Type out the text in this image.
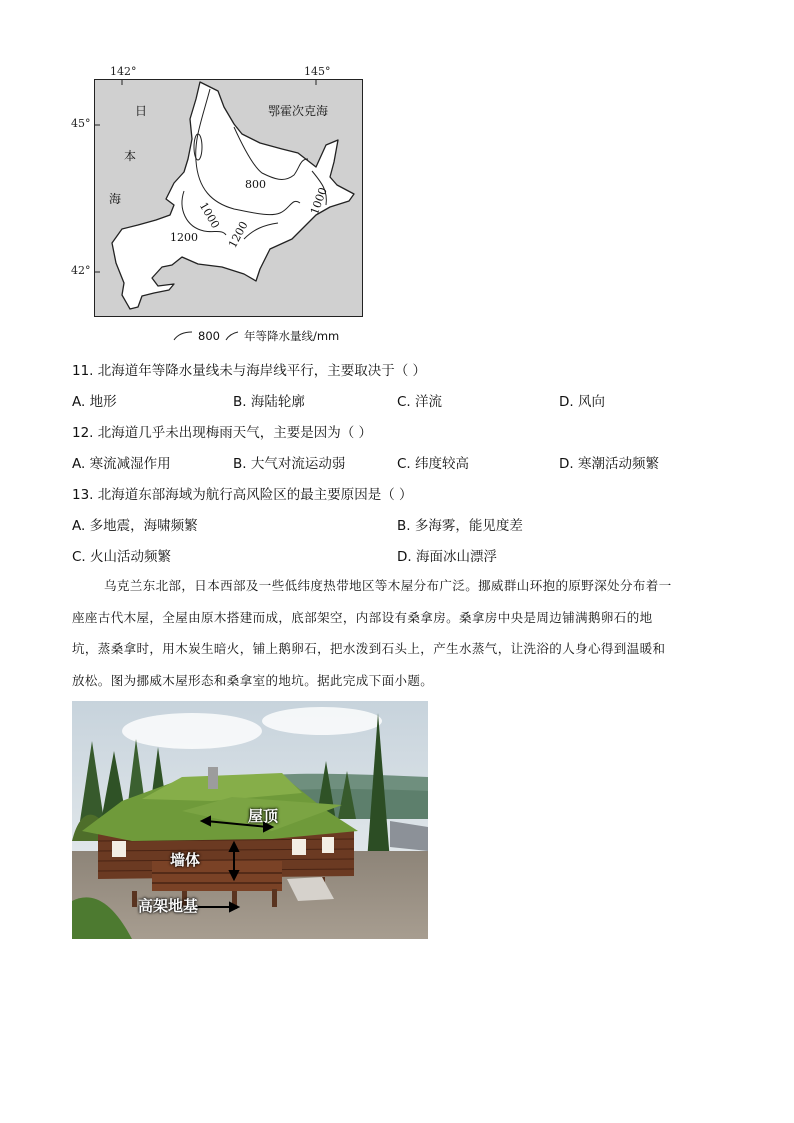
142°	145°
45°
42°
日
本
海
鄂霍次克海
800
1000	1000
1200	1200
800 年等降水量线/mm
11. 北海道年等降水量线未与海岸线平行，主要取决于（ ）
A. 地形	B. 海陆轮廓	C. 洋流	D. 风向
12. 北海道几乎未出现梅雨天气，主要是因为（ ）
A. 寒流减湿作用	B. 大气对流运动弱	C. 纬度较高	D. 寒潮活动频繁
13. 北海道东部海域为航行高风险区的最主要原因是（ ）
A. 多地震，海啸频繁	B. 多海雾，能见度差
C. 火山活动频繁	D. 海面冰山漂浮
乌克兰东北部，日本西部及一些低纬度热带地区等木屋分布广泛。挪威群山环抱的原野深处分布着一
座座古代木屋，全屋由原木搭建而成，底部架空，内部设有桑拿房。桑拿房中央是周边铺满鹅卵石的地
坑，蒸桑拿时，用木炭生暗火，铺上鹅卵石，把水泼到石头上，产生水蒸气，让洗浴的人身心得到温暖和
放松。图为挪威木屋形态和桑拿室的地坑。据此完成下面小题。
屋顶
墙体
高架地基
